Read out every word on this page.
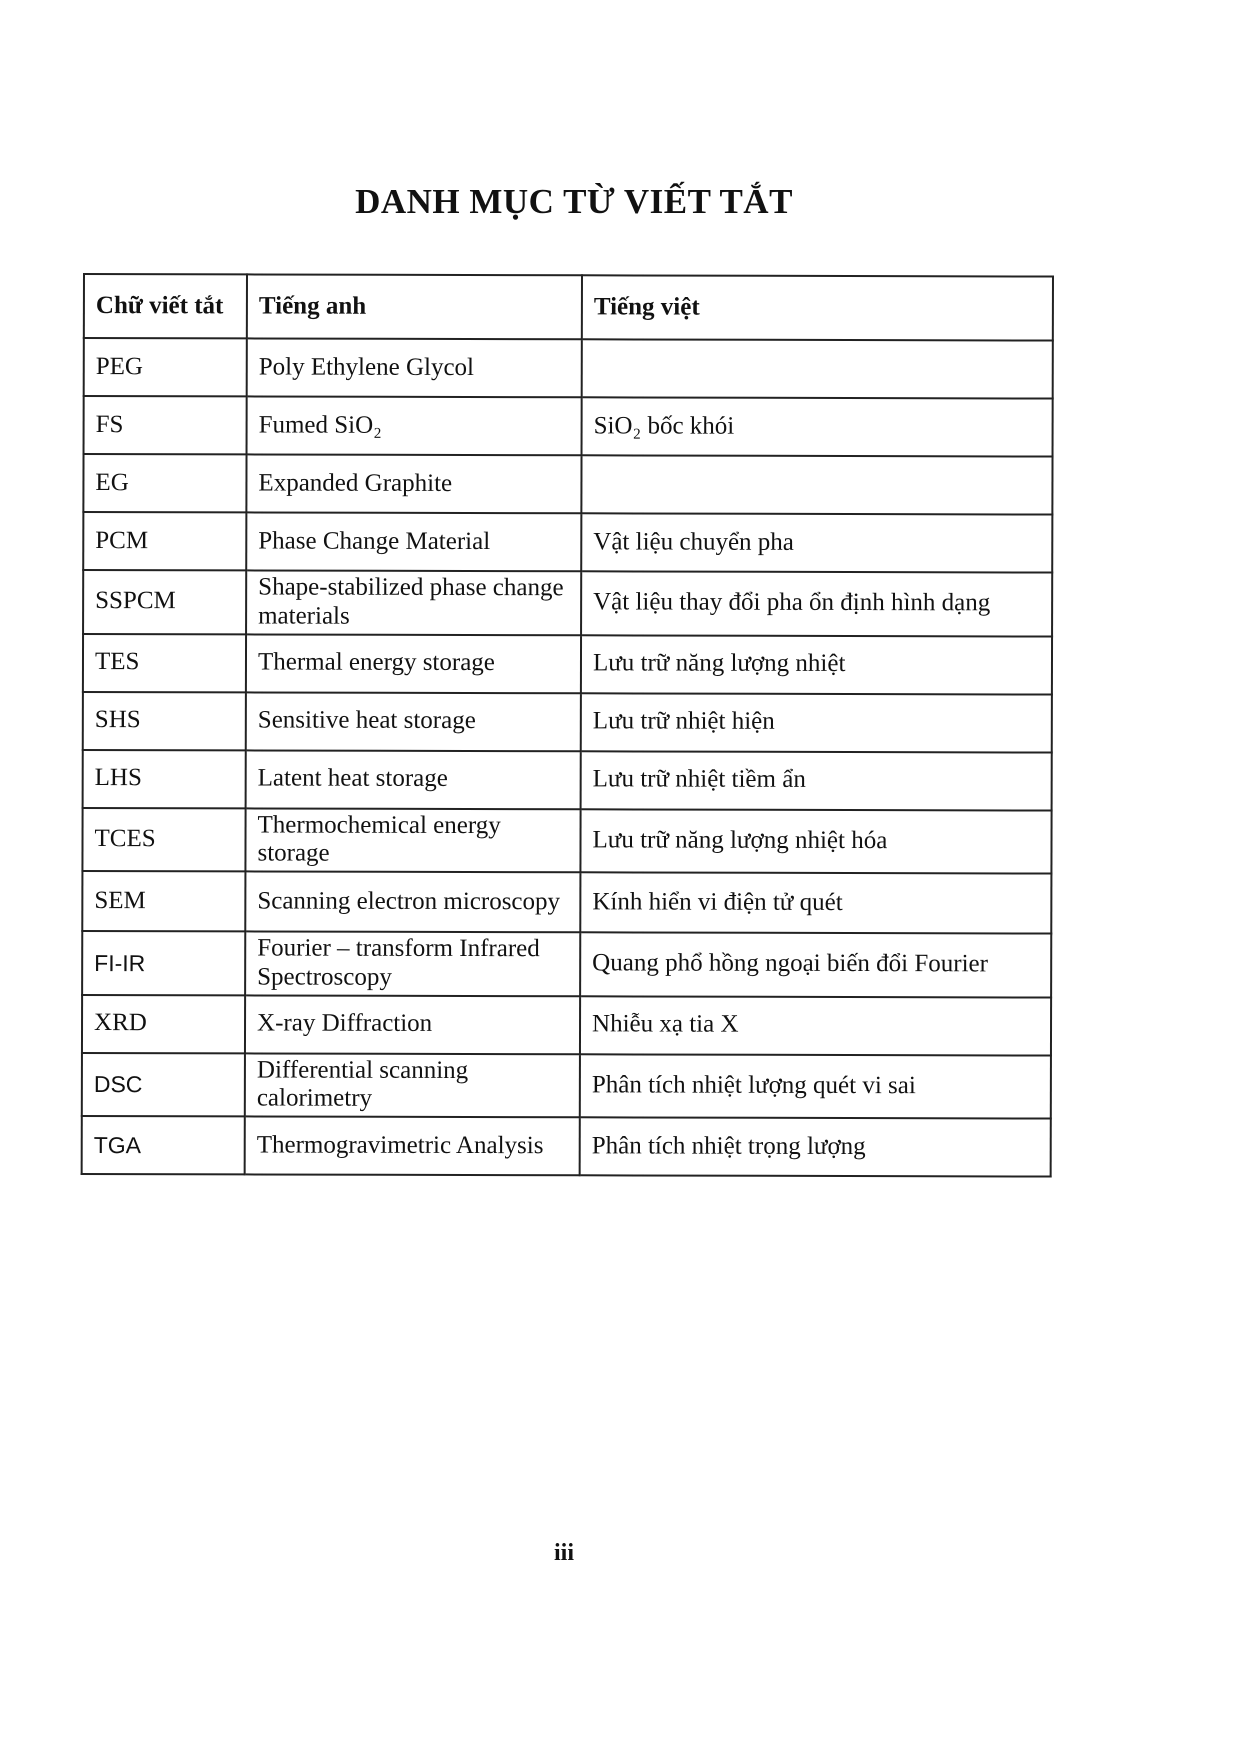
DANH MỤC TỪ VIẾT TẮT
Chữ viết tắt	Tiếng anh	Tiếng việt
PEG	Poly Ethylene Glycol	
FS	Fumed SiO₂	SiO₂ bốc khói
EG	Expanded Graphite	
PCM	Phase Change Material	Vật liệu chuyển pha
SSPCM	Shape-stabilized phase change materials	Vật liệu thay đổi pha ổn định hình dạng
TES	Thermal energy storage	Lưu trữ năng lượng nhiệt
SHS	Sensitive heat storage	Lưu trữ nhiệt hiện
LHS	Latent heat storage	Lưu trữ nhiệt tiềm ẩn
TCES	Thermochemical energy storage	Lưu trữ năng lượng nhiệt hóa
SEM	Scanning electron microscopy	Kính hiển vi điện tử quét
FI-IR	Fourier – transform Infrared Spectroscopy	Quang phổ hồng ngoại biến đổi Fourier
XRD	X-ray Diffraction	Nhiễu xạ tia X
DSC	Differential scanning calorimetry	Phân tích nhiệt lượng quét vi sai
TGA	Thermogravimetric Analysis	Phân tích nhiệt trọng lượng
iii
